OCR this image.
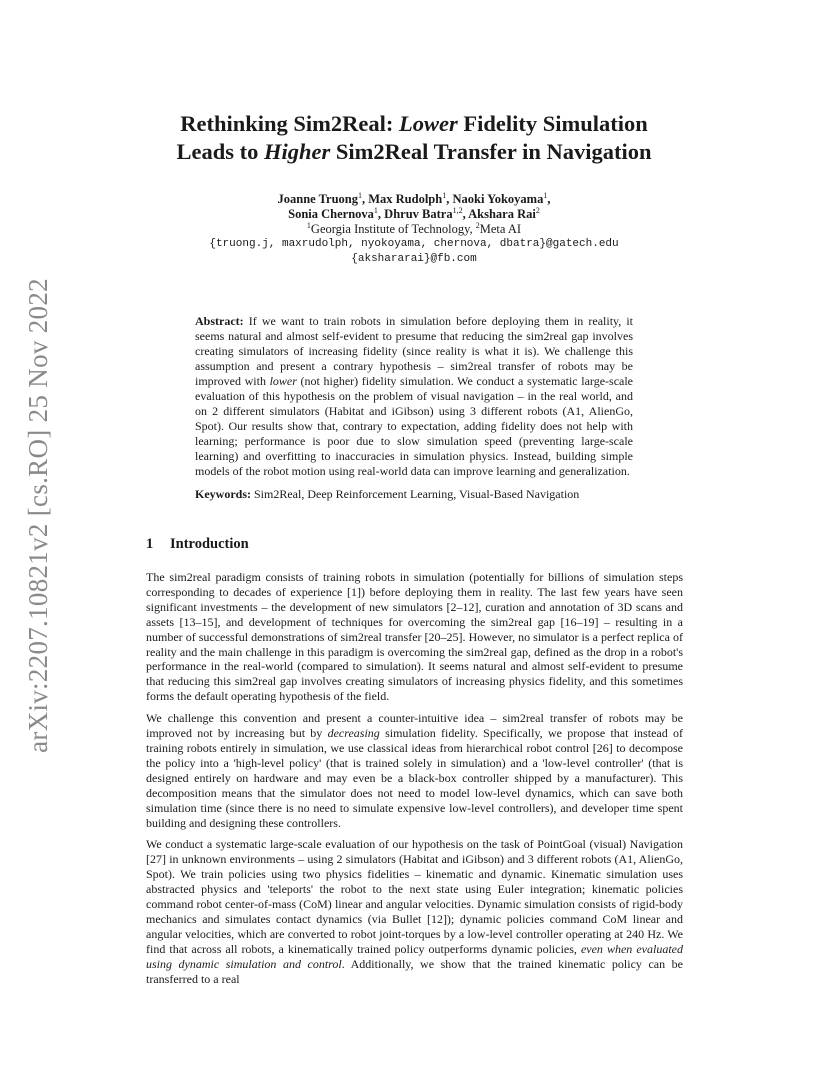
arXiv:2207.10821v2 [cs.RO] 25 Nov 2022
Rethinking Sim2Real: Lower Fidelity Simulation
Leads to Higher Sim2Real Transfer in Navigation
Joanne Truong$^1$, Max Rudolph$^1$, Naoki Yokoyama$^1$,
Sonia Chernova$^1$, Dhruv Batra$^{1,2}$, Akshara Rai$^2$
$^1$Georgia Institute of Technology, $^2$Meta AI
{truong.j, maxrudolph, nyokoyama, chernova, dbatra}@gatech.edu
{akshararai}@fb.com
Abstract: If we want to train robots in simulation before deploying them in reality, it seems natural and almost self-evident to presume that reducing the sim2real gap involves creating simulators of increasing fidelity (since reality is what it is). We challenge this assumption and present a contrary hypothesis – sim2real transfer of robots may be improved with lower (not higher) fidelity simulation. We conduct a systematic large-scale evaluation of this hypothesis on the problem of visual navigation – in the real world, and on 2 different simulators (Habitat and iGibson) using 3 different robots (A1, AlienGo, Spot). Our results show that, contrary to expectation, adding fidelity does not help with learning; performance is poor due to slow simulation speed (preventing large-scale learning) and overfitting to inaccuracies in simulation physics. Instead, building simple models of the robot motion using real-world data can improve learning and generalization.
Keywords: Sim2Real, Deep Reinforcement Learning, Visual-Based Navigation
1 Introduction

The sim2real paradigm consists of training robots in simulation (potentially for billions of simulation steps corresponding to decades of experience [1]) before deploying them in reality. The last few years have seen significant investments – the development of new simulators [2–12], curation and annotation of 3D scans and assets [13–15], and development of techniques for overcoming the sim2real gap [16–19] – resulting in a number of successful demonstrations of sim2real transfer [20–25]. However, no simulator is a perfect replica of reality and the main challenge in this paradigm is overcoming the sim2real gap, defined as the drop in a robot's performance in the real-world (compared to simulation). It seems natural and almost self-evident to presume that reducing this sim2real gap involves creating simulators of increasing physics fidelity, and this sometimes forms the default operating hypothesis of the field.

We challenge this convention and present a counter-intuitive idea – sim2real transfer of robots may be improved not by increasing but by decreasing simulation fidelity. Specifically, we propose that instead of training robots entirely in simulation, we use classical ideas from hierarchical robot control [26] to decompose the policy into a 'high-level policy' (that is trained solely in simulation) and a 'low-level controller' (that is designed entirely on hardware and may even be a black-box controller shipped by a manufacturer). This decomposition means that the simulator does not need to model low-level dynamics, which can save both simulation time (since there is no need to simulate expensive low-level controllers), and developer time spent building and designing these controllers.

We conduct a systematic large-scale evaluation of our hypothesis on the task of PointGoal (visual) Navigation [27] in unknown environments – using 2 simulators (Habitat and iGibson) and 3 different robots (A1, AlienGo, Spot). We train policies using two physics fidelities – kinematic and dynamic. Kinematic simulation uses abstracted physics and 'teleports' the robot to the next state using Euler integration; kinematic policies command robot center-of-mass (CoM) linear and angular velocities. Dynamic simulation consists of rigid-body mechanics and simulates contact dynamics (via Bullet [12]); dynamic policies command CoM linear and angular velocities, which are converted to robot joint-torques by a low-level controller operating at 240 Hz. We find that across all robots, a kinematically trained policy outperforms dynamic policies, even when evaluated using dynamic simulation and control. Additionally, we show that the trained kinematic policy can be transferred to a real
